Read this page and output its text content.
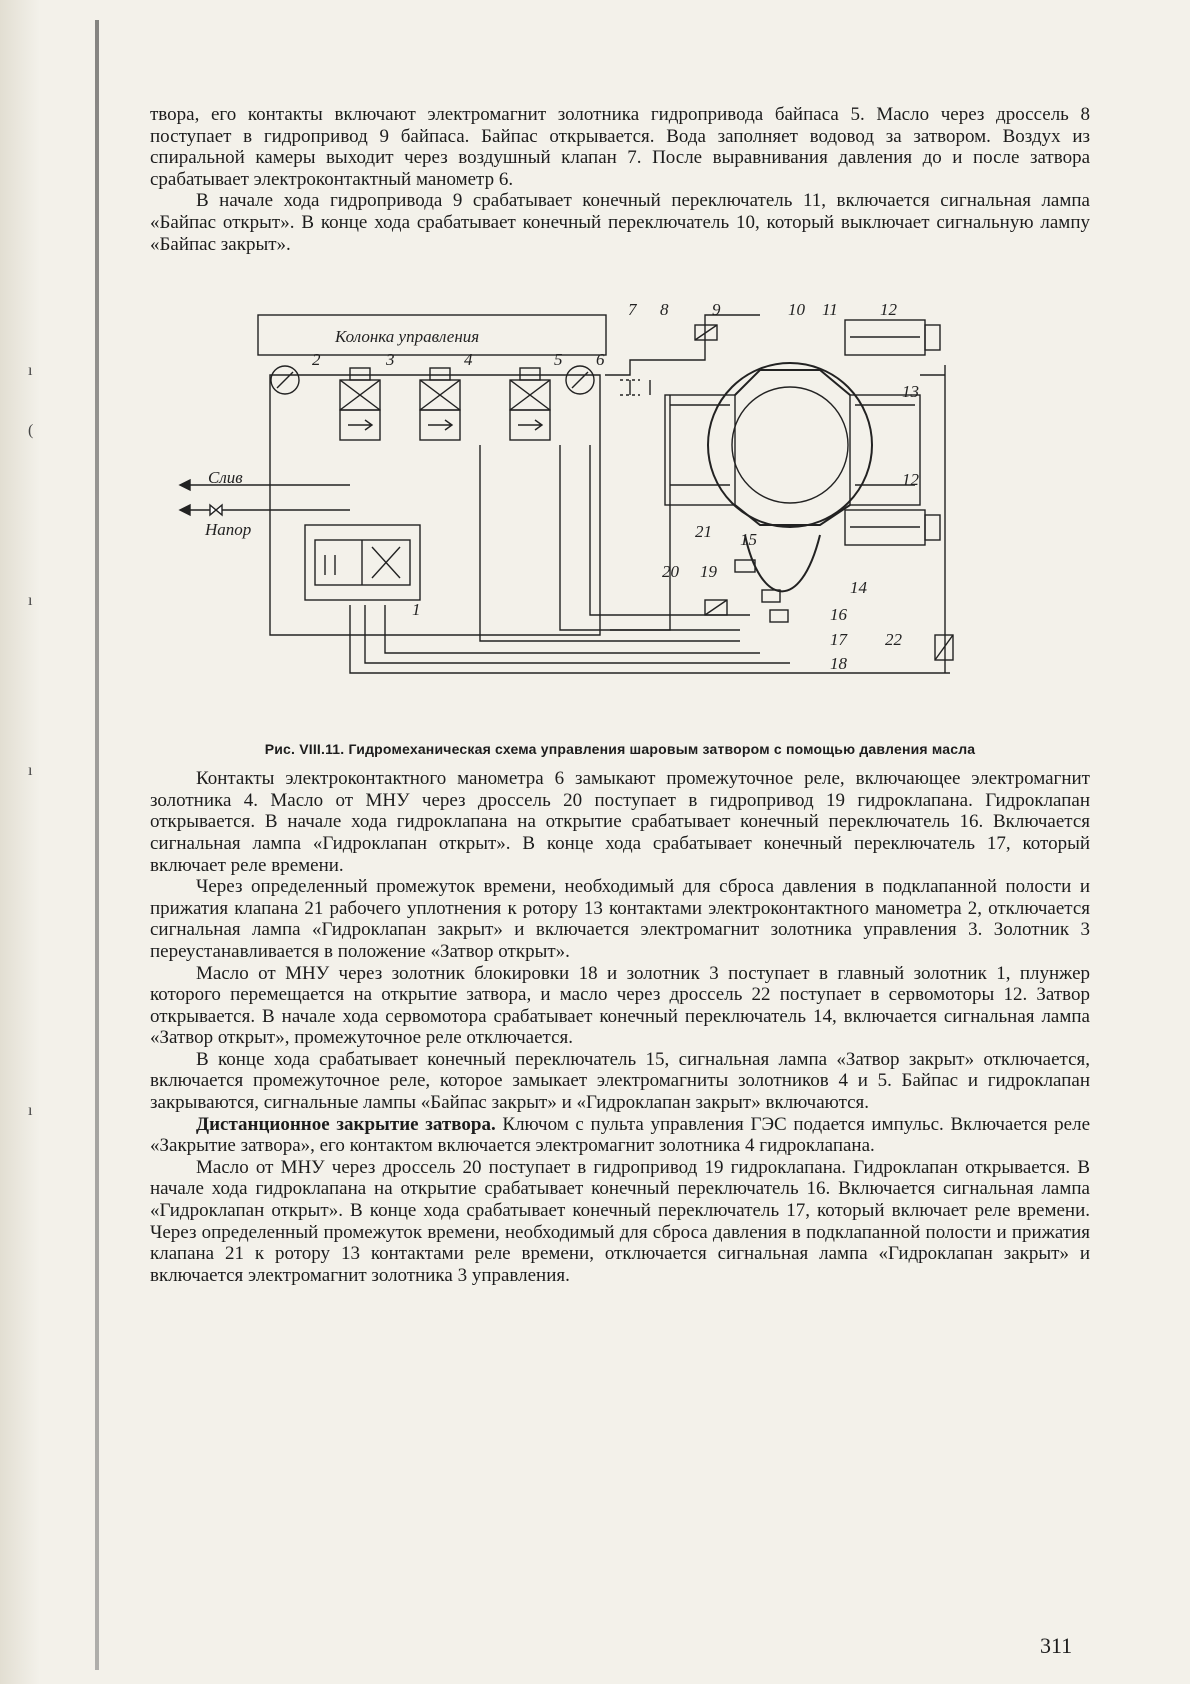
ı
(
ı
ı
ı

твора, его контакты включают электромагнит золотника гидропривода байпаса 5. Масло через дроссель 8 поступает в гидропривод 9 байпаса. Байпас открывается. Вода заполняет водовод за затвором. Воздух из спиральной камеры выходит через воздушный клапан 7. После выравнивания давления до и после затвора срабатывает электроконтактный манометр 6.

В начале хода гидропривода 9 срабатывает конечный переключатель 11, включается сигнальная лампа «Байпас открыт». В конце хода срабатывает конечный переключатель 10, который выключает сигнальную лампу «Байпас закрыт».

Колонка управления
Слив
Напор
1
2	3	4	5 6
7 8	9	10 11 12
12
13
14
15
16
17
18
19
20
21
22

Рис. VIII.11. Гидромеханическая схема управления шаровым затвором с помощью давления масла

Контакты электроконтактного манометра 6 замыкают промежуточное реле, включающее электромагнит золотника 4. Масло от МНУ через дроссель 20 поступает в гидропривод 19 гидроклапана. Гидроклапан открывается. В начале хода гидроклапана на открытие срабатывает конечный переключатель 16. Включается сигнальная лампа «Гидроклапан открыт». В конце хода срабатывает конечный переключатель 17, который включает реле времени.

Через определенный промежуток времени, необходимый для сброса давления в подклапанной полости и прижатия клапана 21 рабочего уплотнения к ротору 13 контактами электроконтактного манометра 2, отключается сигнальная лампа «Гидроклапан закрыт» и включается электромагнит золотника управления 3. Золотник 3 переустанавливается в положение «Затвор открыт».

Масло от МНУ через золотник блокировки 18 и золотник 3 поступает в главный золотник 1, плунжер которого перемещается на открытие затвора, и масло через дроссель 22 поступает в сервомоторы 12. Затвор открывается. В начале хода сервомотора срабатывает конечный переключатель 14, включается сигнальная лампа «Затвор открыт», промежуточное реле отключается.

В конце хода срабатывает конечный переключатель 15, сигнальная лампа «Затвор закрыт» отключается, включается промежуточное реле, которое замыкает электромагниты золотников 4 и 5. Байпас и гидроклапан закрываются, сигнальные лампы «Байпас закрыт» и «Гидроклапан закрыт» включаются.

Дистанционное закрытие затвора. Ключом с пульта управления ГЭС подается импульс. Включается реле «Закрытие затвора», его контактом включается электромагнит золотника 4 гидроклапана.

Масло от МНУ через дроссель 20 поступает в гидропривод 19 гидроклапана. Гидроклапан открывается. В начале хода гидроклапана на открытие срабатывает конечный переключатель 16. Включается сигнальная лампа «Гидроклапан открыт». В конце хода срабатывает конечный переключатель 17, который включает реле времени. Через определенный промежуток времени, необходимый для сброса давления в подклапанной полости и прижатия клапана 21 к ротору 13 контактами реле времени, отключается сигнальная лампа «Гидроклапан закрыт» и включается электромагнит золотника 3 управления.

311
